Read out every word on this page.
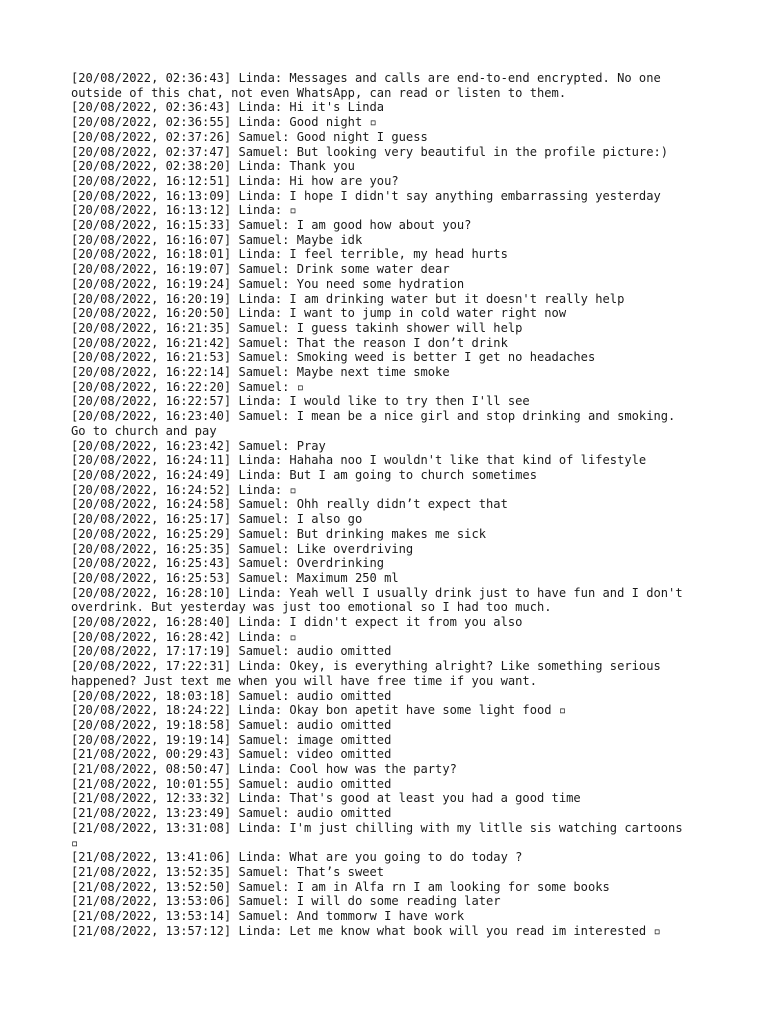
[20/08/2022, 02:36:43] Linda: Messages and calls are end-to-end encrypted. No one outside of this chat, not even WhatsApp, can read or listen to them.
[20/08/2022, 02:36:43] Linda: Hi it's Linda
[20/08/2022, 02:36:55] Linda: Good night ▫
[20/08/2022, 02:37:26] Samuel: Good night I guess
[20/08/2022, 02:37:47] Samuel: But looking very beautiful in the profile picture:)
[20/08/2022, 02:38:20] Linda: Thank you
[20/08/2022, 16:12:51] Linda: Hi how are you?
[20/08/2022, 16:13:09] Linda: I hope I didn't say anything embarrassing yesterday
[20/08/2022, 16:13:12] Linda: ▫
[20/08/2022, 16:15:33] Samuel: I am good how about you?
[20/08/2022, 16:16:07] Samuel: Maybe idk
[20/08/2022, 16:18:01] Linda: I feel terrible, my head hurts
[20/08/2022, 16:19:07] Samuel: Drink some water dear
[20/08/2022, 16:19:24] Samuel: You need some hydration
[20/08/2022, 16:20:19] Linda: I am drinking water but it doesn't really help
[20/08/2022, 16:20:50] Linda: I want to jump in cold water right now
[20/08/2022, 16:21:35] Samuel: I guess takinh shower will help
[20/08/2022, 16:21:42] Samuel: That the reason I don’t drink
[20/08/2022, 16:21:53] Samuel: Smoking weed is better I get no headaches
[20/08/2022, 16:22:14] Samuel: Maybe next time smoke
[20/08/2022, 16:22:20] Samuel: ▫
[20/08/2022, 16:22:57] Linda: I would like to try then I'll see
[20/08/2022, 16:23:40] Samuel: I mean be a nice girl and stop drinking and smoking. Go to church and pay
[20/08/2022, 16:23:42] Samuel: Pray
[20/08/2022, 16:24:11] Linda: Hahaha noo I wouldn't like that kind of lifestyle
[20/08/2022, 16:24:49] Linda: But I am going to church sometimes
[20/08/2022, 16:24:52] Linda: ▫
[20/08/2022, 16:24:58] Samuel: Ohh really didn’t expect that
[20/08/2022, 16:25:17] Samuel: I also go
[20/08/2022, 16:25:29] Samuel: But drinking makes me sick
[20/08/2022, 16:25:35] Samuel: Like overdriving
[20/08/2022, 16:25:43] Samuel: Overdrinking
[20/08/2022, 16:25:53] Samuel: Maximum 250 ml
[20/08/2022, 16:28:10] Linda: Yeah well I usually drink just to have fun and I don't overdrink. But yesterday was just too emotional so I had too much.
[20/08/2022, 16:28:40] Linda: I didn't expect it from you also
[20/08/2022, 16:28:42] Linda: ▫
[20/08/2022, 17:17:19] Samuel: audio omitted
[20/08/2022, 17:22:31] Linda: Okey, is everything alright? Like something serious happened? Just text me when you will have free time if you want.
[20/08/2022, 18:03:18] Samuel: audio omitted
[20/08/2022, 18:24:22] Linda: Okay bon apetit have some light food ▫
[20/08/2022, 19:18:58] Samuel: audio omitted
[20/08/2022, 19:19:14] Samuel: image omitted
[21/08/2022, 00:29:43] Samuel: video omitted
[21/08/2022, 08:50:47] Linda: Cool how was the party?
[21/08/2022, 10:01:55] Samuel: audio omitted
[21/08/2022, 12:33:32] Linda: That's good at least you had a good time
[21/08/2022, 13:23:49] Samuel: audio omitted
[21/08/2022, 13:31:08] Linda: I'm just chilling with my litlle sis watching cartoons ▫
[21/08/2022, 13:41:06] Linda: What are you going to do today ?
[21/08/2022, 13:52:35] Samuel: That’s sweet
[21/08/2022, 13:52:50] Samuel: I am in Alfa rn I am looking for some books
[21/08/2022, 13:53:06] Samuel: I will do some reading later
[21/08/2022, 13:53:14] Samuel: And tommorw I have work
[21/08/2022, 13:57:12] Linda: Let me know what book will you read im interested ▫
